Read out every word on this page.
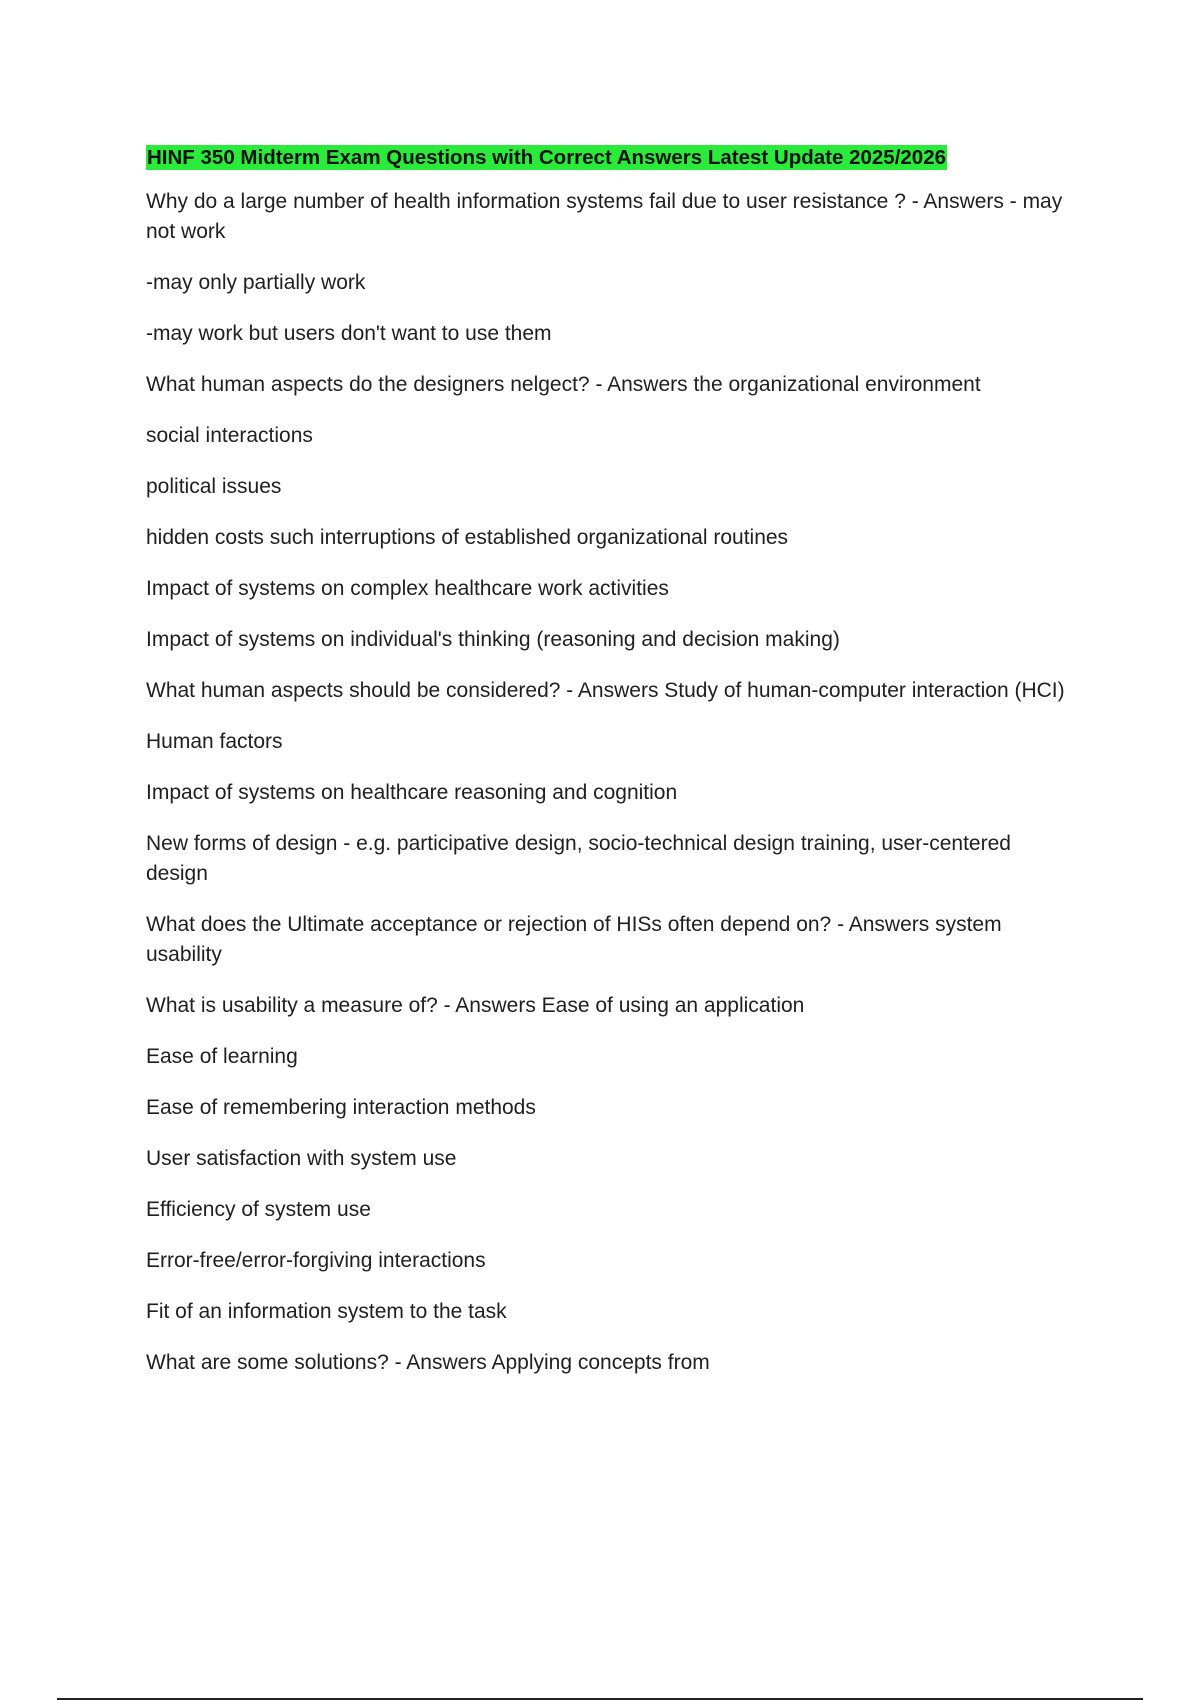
HINF 350 Midterm Exam Questions with Correct Answers Latest Update 2025/2026

Why do a large number of health information systems fail due to user resistance ? - Answers - may not work

-may only partially work

-may work but users don't want to use them

What human aspects do the designers nelgect? - Answers the organizational environment

social interactions

political issues

hidden costs such interruptions of established organizational routines

Impact of systems on complex healthcare work activities

Impact of systems on individual's thinking (reasoning and decision making)

What human aspects should be considered? - Answers Study of human-computer interaction (HCI)

Human factors

Impact of systems on healthcare reasoning and cognition

New forms of design - e.g. participative design, socio-technical design training, user-centered design

What does the Ultimate acceptance or rejection of HISs often depend on? - Answers system usability

What is usability a measure of? - Answers Ease of using an application

Ease of learning

Ease of remembering interaction methods

User satisfaction with system use

Efficiency of system use

Error-free/error-forgiving interactions

Fit of an information system to the task

What are some solutions? - Answers Applying concepts from
